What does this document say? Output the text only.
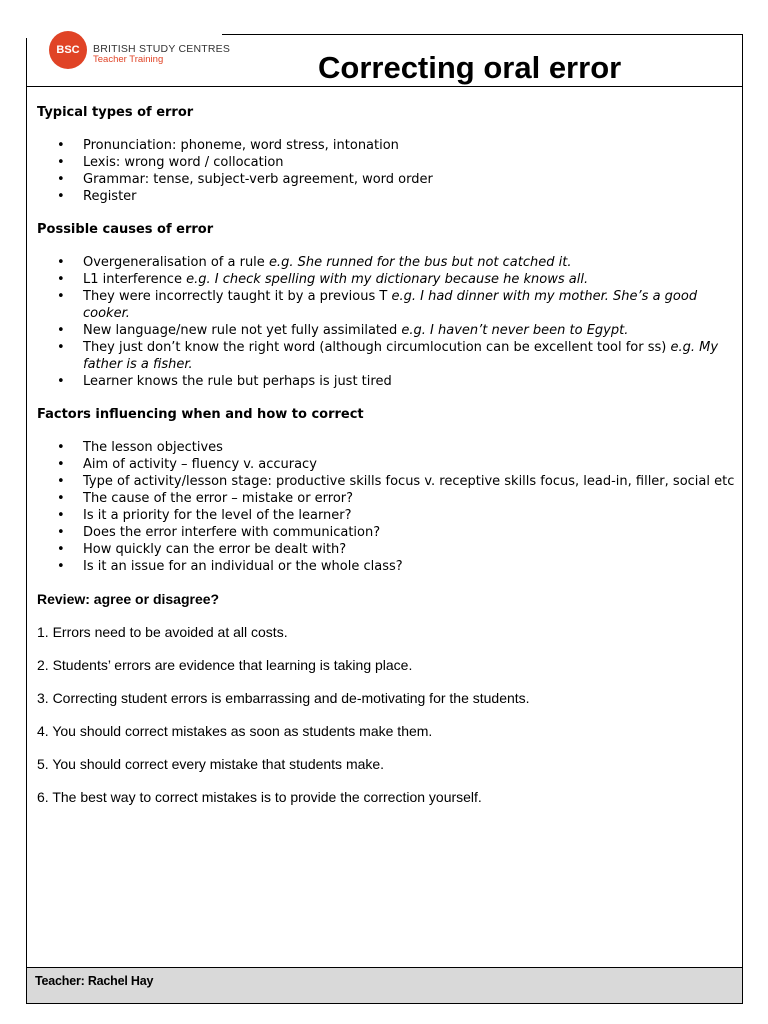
BSC	BRITISH STUDY CENTRES
Teacher Training	Correcting oral error

Typical types of error

• Pronunciation: phoneme, word stress, intonation
• Lexis: wrong word / collocation
• Grammar: tense, subject-verb agreement, word order
• Register

Possible causes of error

• Overgeneralisation of a rule e.g. She runned for the bus but not catched it.
• L1 interference e.g. I check spelling with my dictionary because he knows all.
• They were incorrectly taught it by a previous T e.g. I had dinner with my mother. She’s a good cooker.
• New language/new rule not yet fully assimilated e.g. I haven’t never been to Egypt.
• They just don’t know the right word (although circumlocution can be excellent tool for ss) e.g. My father is a fisher.
• Learner knows the rule but perhaps is just tired

Factors influencing when and how to correct

• The lesson objectives
• Aim of activity – fluency v. accuracy
• Type of activity/lesson stage: productive skills focus v. receptive skills focus, lead-in, filler, social etc
• The cause of the error – mistake or error?
• Is it a priority for the level of the learner?
• Does the error interfere with communication?
• How quickly can the error be dealt with?
• Is it an issue for an individual or the whole class?

Review: agree or disagree?

1. Errors need to be avoided at all costs.

2. Students’ errors are evidence that learning is taking place.

3. Correcting student errors is embarrassing and de-motivating for the students.

4. You should correct mistakes as soon as students make them.

5. You should correct every mistake that students make.

6. The best way to correct mistakes is to provide the correction yourself.

Teacher: Rachel Hay
